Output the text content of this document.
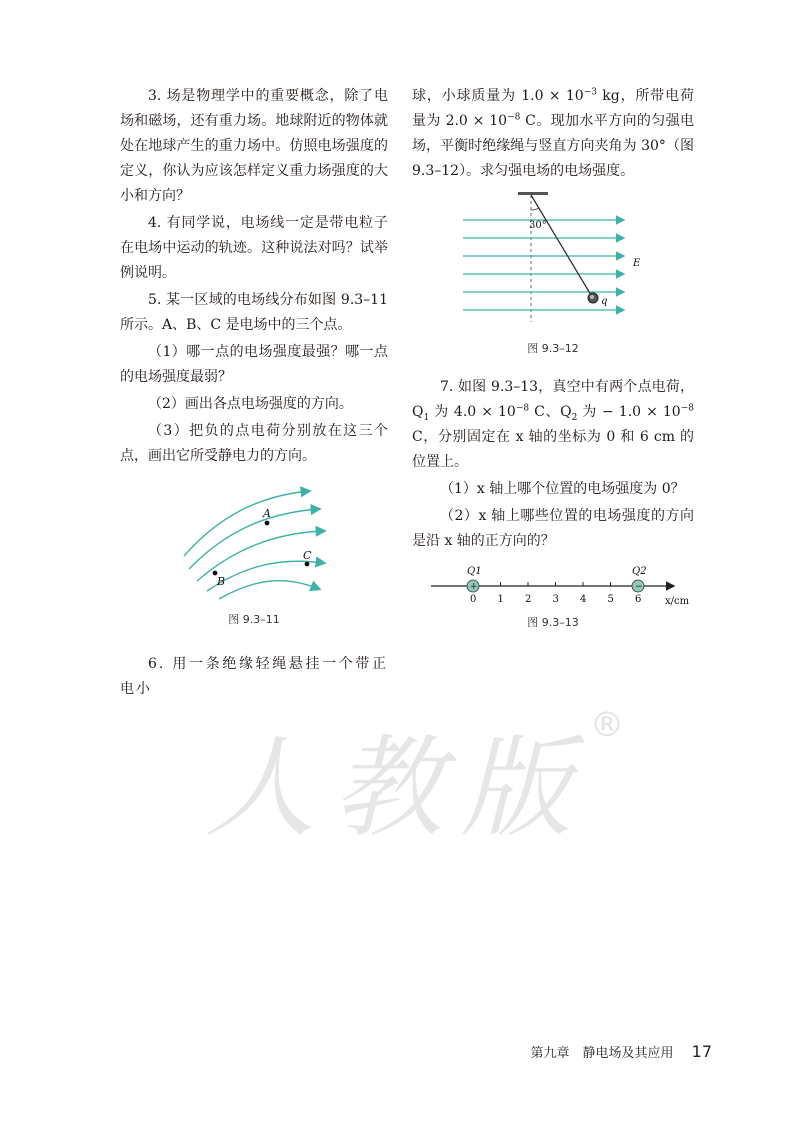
3. 场是物理学中的重要概念，除了电场和磁场，还有重力场。地球附近的物体就处在地球产生的重力场中。仿照电场强度的定义，你认为应该怎样定义重力场强度的大小和方向？

4. 有同学说，电场线一定是带电粒子在电场中运动的轨迹。这种说法对吗？试举例说明。

5. 某一区域的电场线分布如图 9.3–11 所示。A、B、C 是电场中的三个点。

（1）哪一点的电场强度最强？哪一点的电场强度最弱？

（2）画出各点电场强度的方向。

（3）把负的点电荷分别放在这三个点，画出它所受静电力的方向。

A
B
C

图 9.3–11

6. 用一条绝缘轻绳悬挂一个带正电小

球，小球质量为 $1.0 \times 10^{-3}$ kg，所带电荷量为 $2.0 \times 10^{-8}$ C。现加水平方向的匀强电场，平衡时绝缘绳与竖直方向夹角为 30°（图 9.3–12）。求匀强电场的电场强度。

30°
E
q

图 9.3–12

7. 如图 9.3–13，真空中有两个点电荷，$Q_1$ 为 $4.0 \times 10^{-8}$ C、$Q_2$ 为 − $1.0 \times 10^{-8}$ C，分别固定在 x 轴的坐标为 0 和 6 cm 的位置上。

（1）x 轴上哪个位置的电场强度为 0？

（2）x 轴上哪些位置的电场强度的方向是沿 x 轴的正方向的？

0 1 2 3 4 5 6
+	−
Q1	Q2
x/cm

图 9.3–13

人教版 ®
第九章　静电场及其应用 17
